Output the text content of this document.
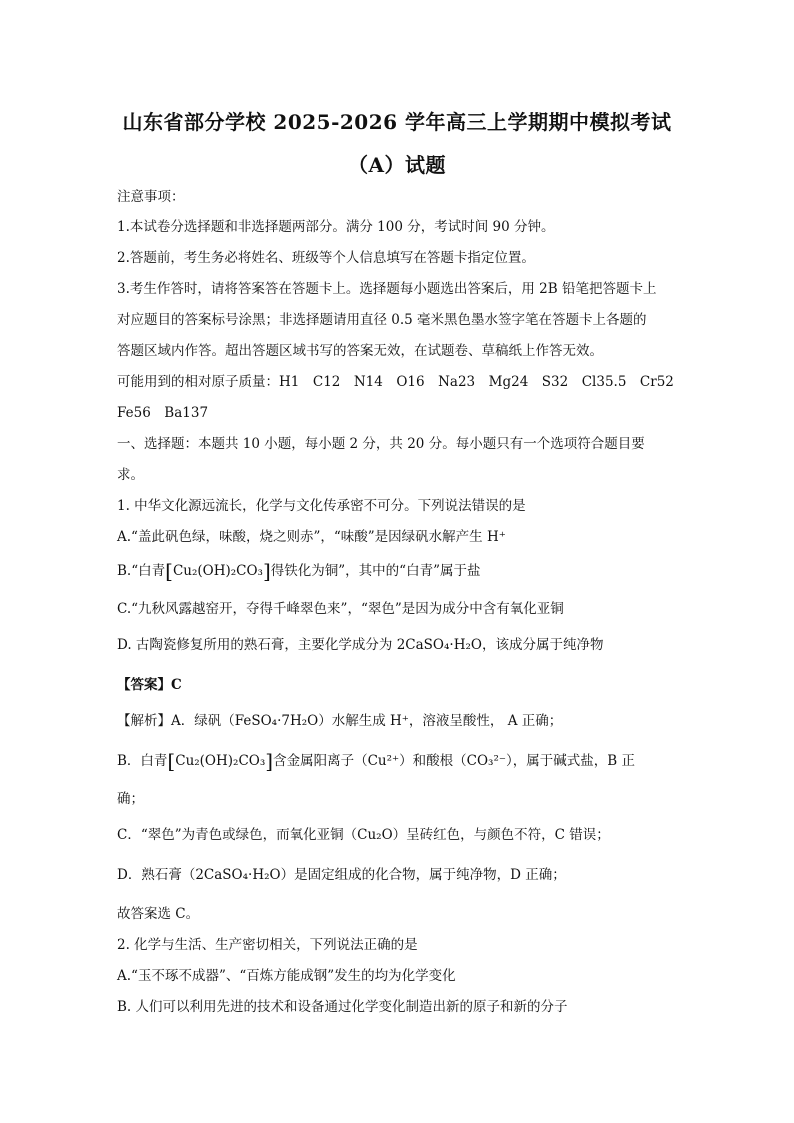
山东省部分学校 2025-2026 学年高三上学期期中模拟考试
（A）试题
注意事项：
1.本试卷分选择题和非选择题两部分。满分 100 分，考试时间 90 分钟。
2.答题前，考生务必将姓名、班级等个人信息填写在答题卡指定位置。
3.考生作答时，请将答案答在答题卡上。选择题每小题选出答案后，用 2B 铅笔把答题卡上
对应题目的答案标号涂黑；非选择题请用直径 0.5 毫米黑色墨水签字笔在答题卡上各题的
答题区域内作答。超出答题区域书写的答案无效，在试题卷、草稿纸上作答无效。
可能用到的相对原子质量：H1　C12　N14　O16　Na23　Mg24　S32　Cl35.5　Cr52
Fe56　Ba137
一、选择题：本题共 10 小题，每小题 2 分，共 20 分。每小题只有一个选项符合题目要
求。
1. 中华文化源远流长，化学与文化传承密不可分。下列说法错误的是
A.“盖此矾色绿，味酸，烧之则赤”，“味酸”是因绿矾水解产生 H⁺
B.“白青[Cu₂(OH)₂CO₃]得铁化为铜”，其中的“白青”属于盐
C.“九秋风露越窑开，夺得千峰翠色来”，“翠色”是因为成分中含有氧化亚铜
D. 古陶瓷修复所用的熟石膏，主要化学成分为 2CaSO₄·H₂O，该成分属于纯净物
【答案】C
【解析】A．绿矾（FeSO₄·7H₂O）水解生成 H⁺，溶液呈酸性， A 正确；
B．白青[Cu₂(OH)₂CO₃]含金属阳离子（Cu²⁺）和酸根（CO₃²⁻），属于碱式盐，B 正
确；
C．“翠色”为青色或绿色，而氧化亚铜（Cu₂O）呈砖红色，与颜色不符，C 错误；
D．熟石膏（2CaSO₄·H₂O）是固定组成的化合物，属于纯净物，D 正确；
故答案选 C。
2. 化学与生活、生产密切相关，下列说法正确的是
A.“玉不琢不成器”、“百炼方能成钢”发生的均为化学变化
B. 人们可以利用先进的技术和设备通过化学变化制造出新的原子和新的分子
